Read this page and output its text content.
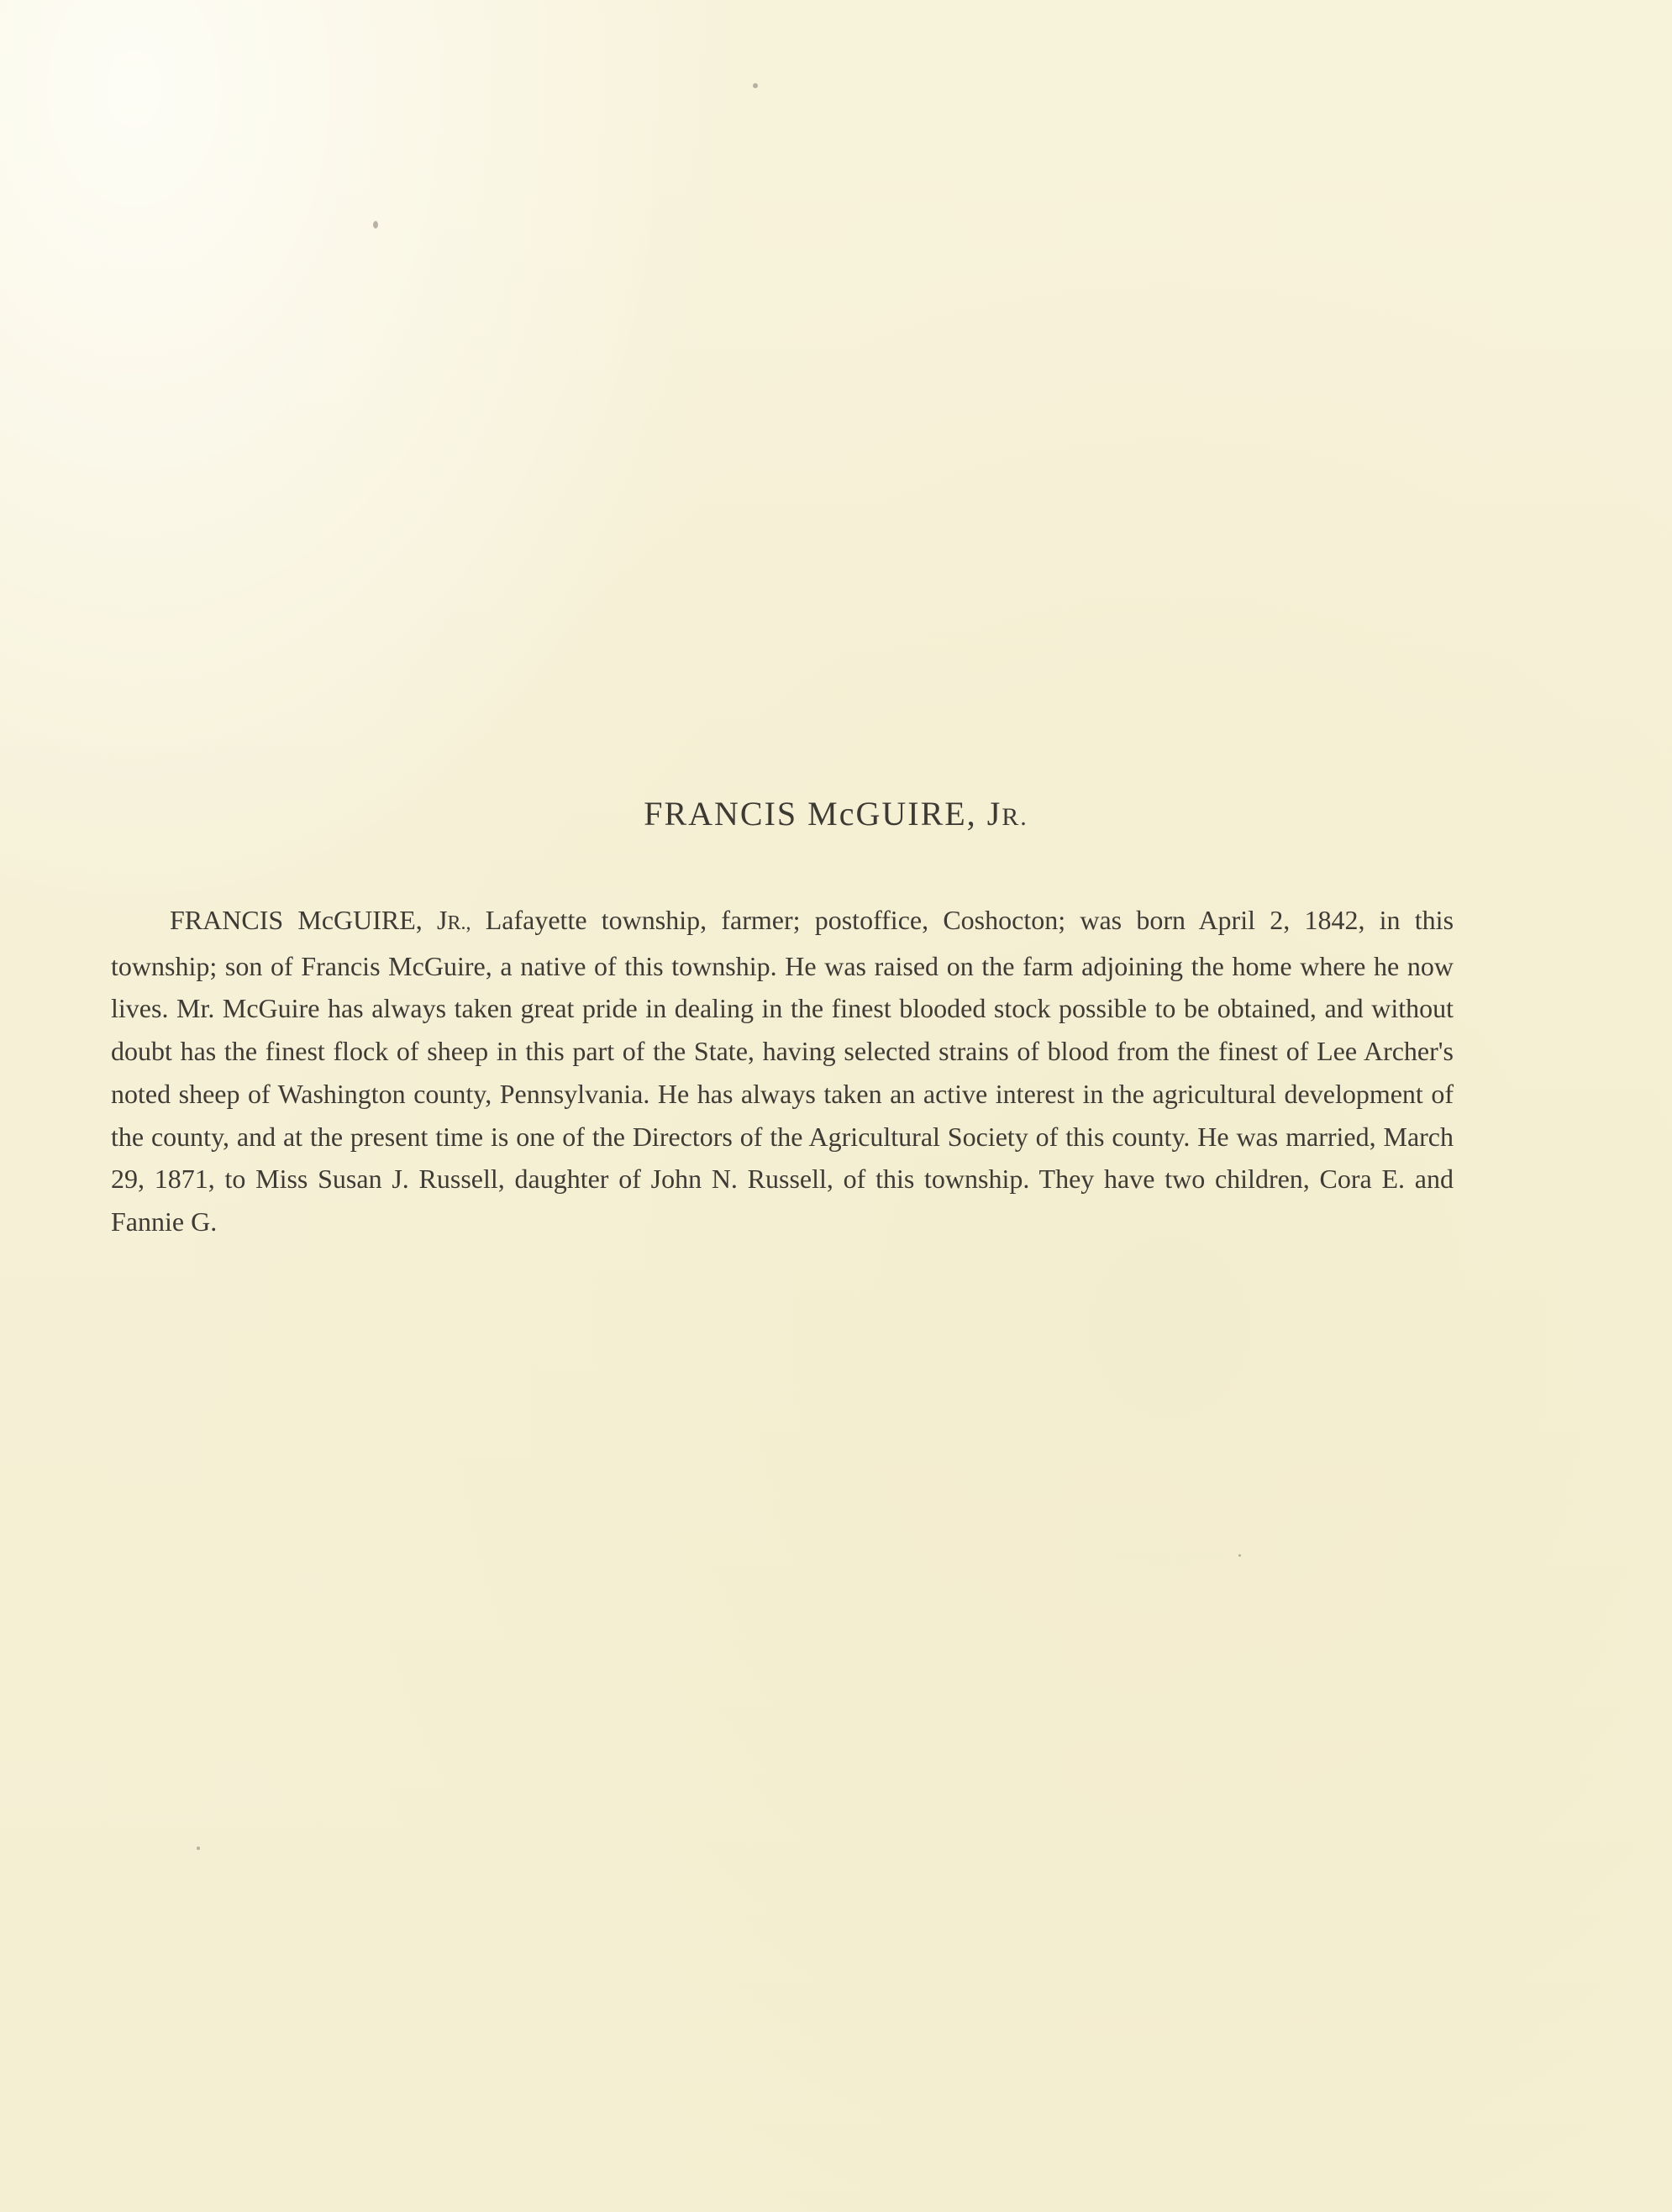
FRANCIS McGUIRE, JR.

FRANCIS McGUIRE, JR., Lafayette township, farmer; postoffice, Coshocton; was born April 2, 1842, in this township; son of Francis McGuire, a native of this township. He was raised on the farm adjoining the home where he now lives. Mr. McGuire has always taken great pride in dealing in the finest blooded stock possible to be obtained, and without doubt has the finest flock of sheep in this part of the State, having selected strains of blood from the finest of Lee Archer's noted sheep of Washington county, Pennsylvania. He has always taken an active interest in the agricultural development of the county, and at the present time is one of the Directors of the Agricultural Society of this county. He was married, March 29, 1871, to Miss Susan J. Russell, daughter of John N. Russell, of this township. They have two children, Cora E. and Fannie G.
